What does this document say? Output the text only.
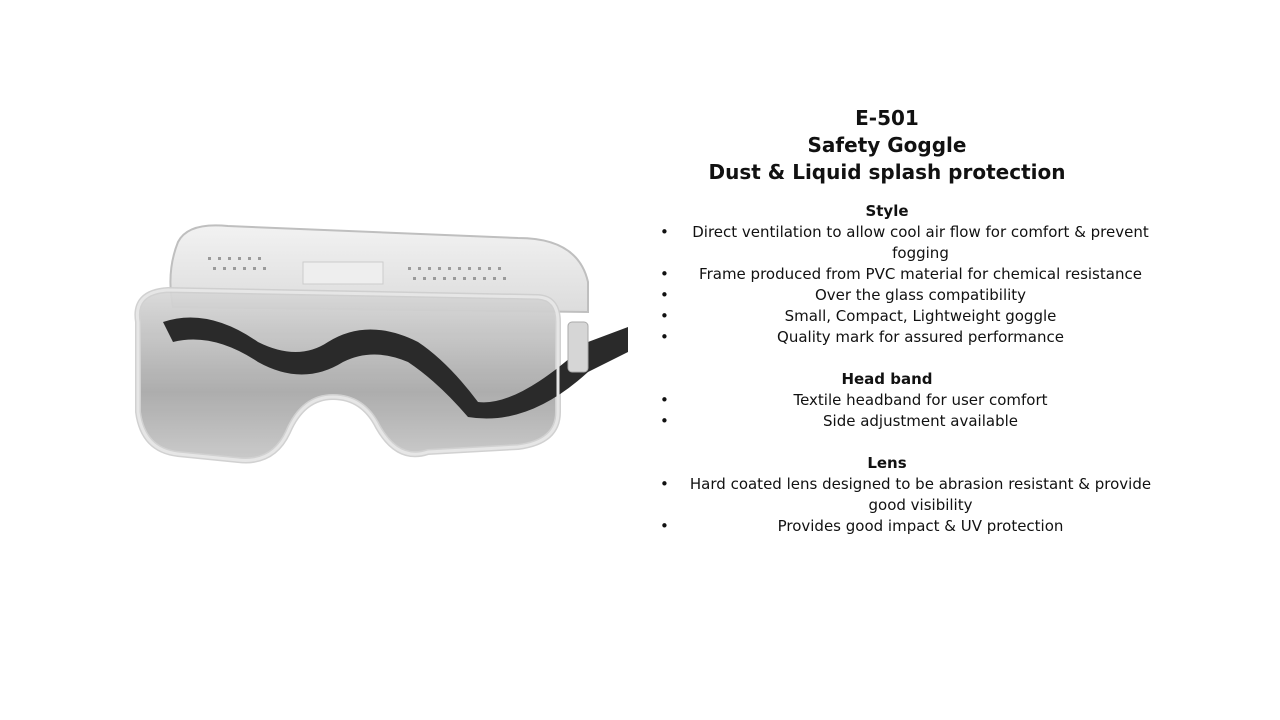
E-501

Safety Goggle

Dust & Liquid splash protection

Style

• Direct ventilation to allow cool air flow for comfort & prevent fogging
• Frame produced from PVC material for chemical resistance
•	Over the glass compatibility
•	Small, Compact, Lightweight goggle
•	Quality mark for assured performance

Head band

•	Textile headband for user comfort
•	Side adjustment available

Lens

• Hard coated lens designed to be abrasion resistant & provide good visibility
•	Provides good impact & UV protection
